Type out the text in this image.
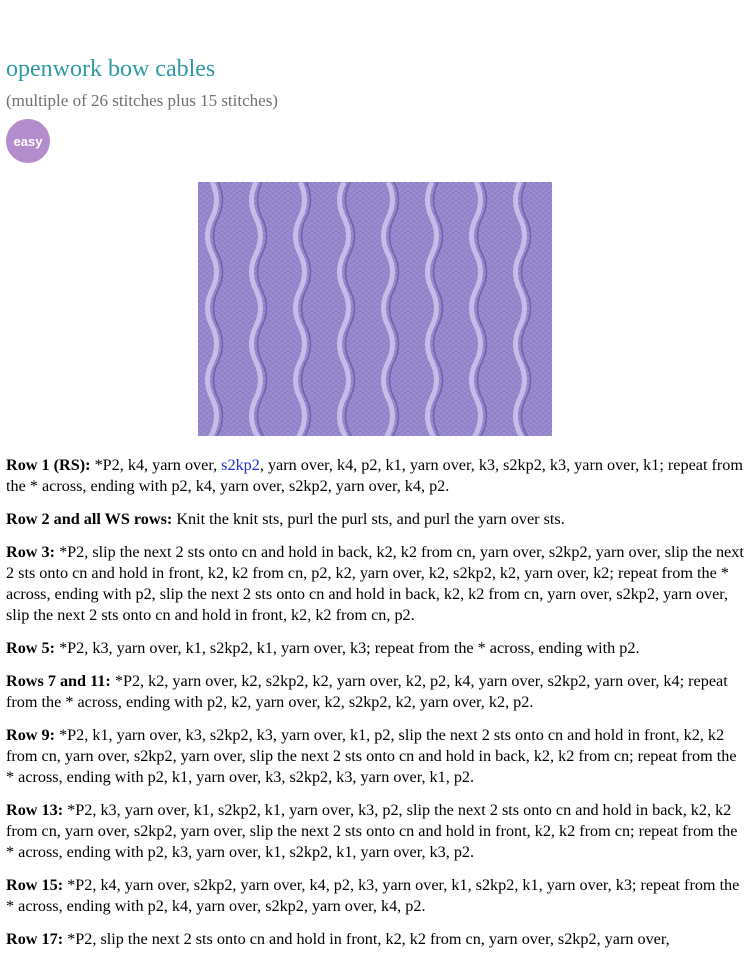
openwork bow cables
(multiple of 26 stitches plus 15 stitches)
easy

Row 1 (RS): *P2, k4, yarn over, s2kp2, yarn over, k4, p2, k1, yarn over, k3, s2kp2, k3, yarn over, k1; repeat from the * across, ending with p2, k4, yarn over, s2kp2, yarn over, k4, p2.

Row 2 and all WS rows: Knit the knit sts, purl the purl sts, and purl the yarn over sts.

Row 3: *P2, slip the next 2 sts onto cn and hold in back, k2, k2 from cn, yarn over, s2kp2, yarn over, slip the next 2 sts onto cn and hold in front, k2, k2 from cn, p2, k2, yarn over, k2, s2kp2, k2, yarn over, k2; repeat from the * across, ending with p2, slip the next 2 sts onto cn and hold in back, k2, k2 from cn, yarn over, s2kp2, yarn over, slip the next 2 sts onto cn and hold in front, k2, k2 from cn, p2.

Row 5: *P2, k3, yarn over, k1, s2kp2, k1, yarn over, k3; repeat from the * across, ending with p2.

Rows 7 and 11: *P2, k2, yarn over, k2, s2kp2, k2, yarn over, k2, p2, k4, yarn over, s2kp2, yarn over, k4; repeat from the * across, ending with p2, k2, yarn over, k2, s2kp2, k2, yarn over, k2, p2.

Row 9: *P2, k1, yarn over, k3, s2kp2, k3, yarn over, k1, p2, slip the next 2 sts onto cn and hold in front, k2, k2 from cn, yarn over, s2kp2, yarn over, slip the next 2 sts onto cn and hold in back, k2, k2 from cn; repeat from the * across, ending with p2, k1, yarn over, k3, s2kp2, k3, yarn over, k1, p2.

Row 13: *P2, k3, yarn over, k1, s2kp2, k1, yarn over, k3, p2, slip the next 2 sts onto cn and hold in back, k2, k2 from cn, yarn over, s2kp2, yarn over, slip the next 2 sts onto cn and hold in front, k2, k2 from cn; repeat from the * across, ending with p2, k3, yarn over, k1, s2kp2, k1, yarn over, k3, p2.

Row 15: *P2, k4, yarn over, s2kp2, yarn over, k4, p2, k3, yarn over, k1, s2kp2, k1, yarn over, k3; repeat from the * across, ending with p2, k4, yarn over, s2kp2, yarn over, k4, p2.

Row 17: *P2, slip the next 2 sts onto cn and hold in front, k2, k2 from cn, yarn over, s2kp2, yarn over,
